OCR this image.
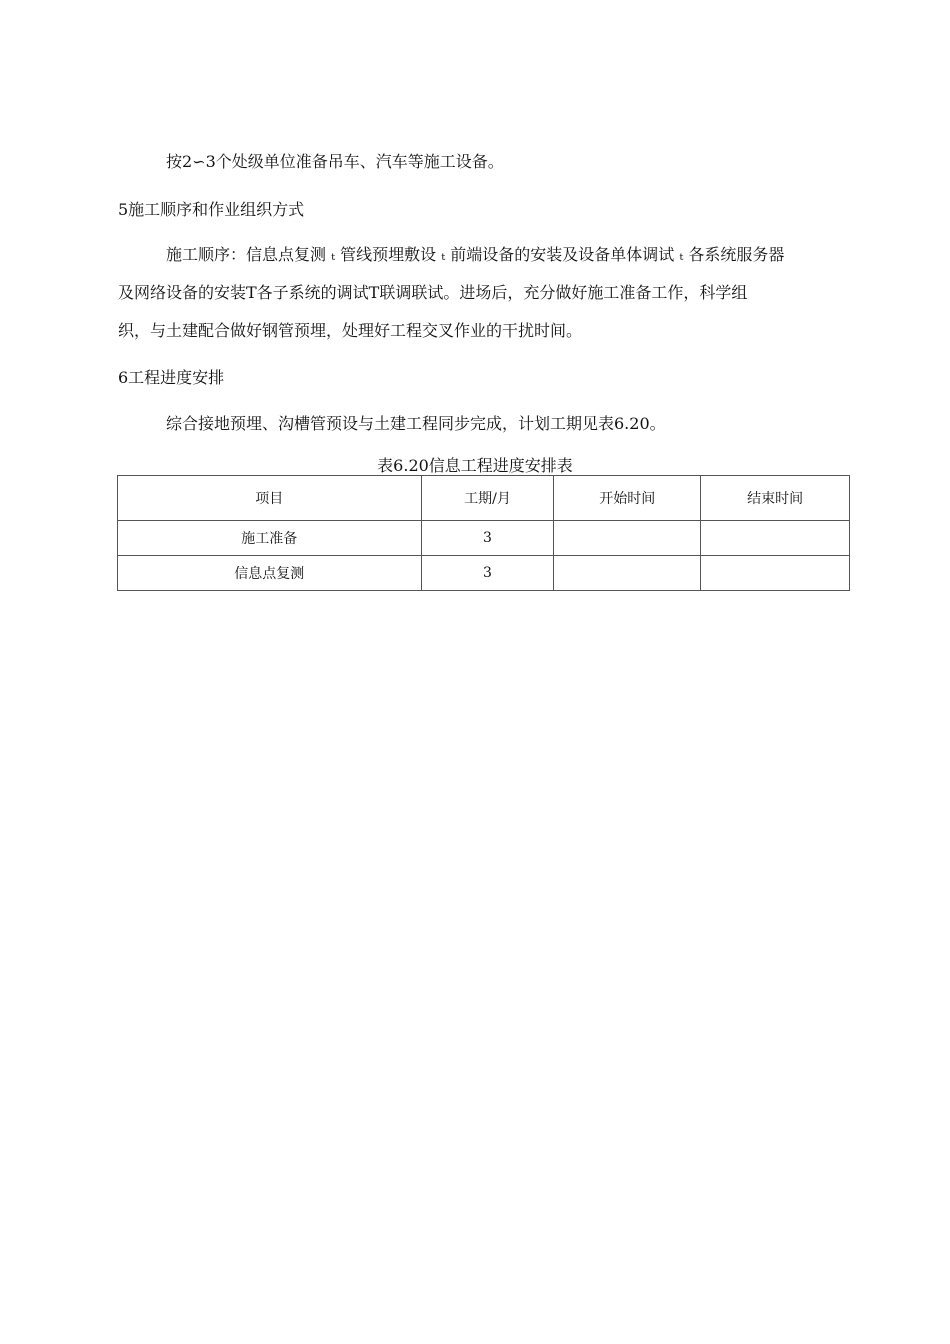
按2∽3个处级单位准备吊车、汽车等施工设备。
5施工顺序和作业组织方式
施工顺序：信息点复测 ₜ 管线预埋敷设 ₜ 前端设备的安装及设备单体调试 ₜ 各系统服务器
及网络设备的安装T各子系统的调试T联调联试。进场后，充分做好施工准备工作，科学组
织，与土建配合做好钢管预埋，处理好工程交叉作业的干扰时间。
6工程进度安排
综合接地预埋、沟槽管预设与土建工程同步完成，计划工期见表6.20。
表6.20信息工程进度安排表
项目	工期/月	开始时间	结束时间
施工准备	3		
信息点复测	3		
